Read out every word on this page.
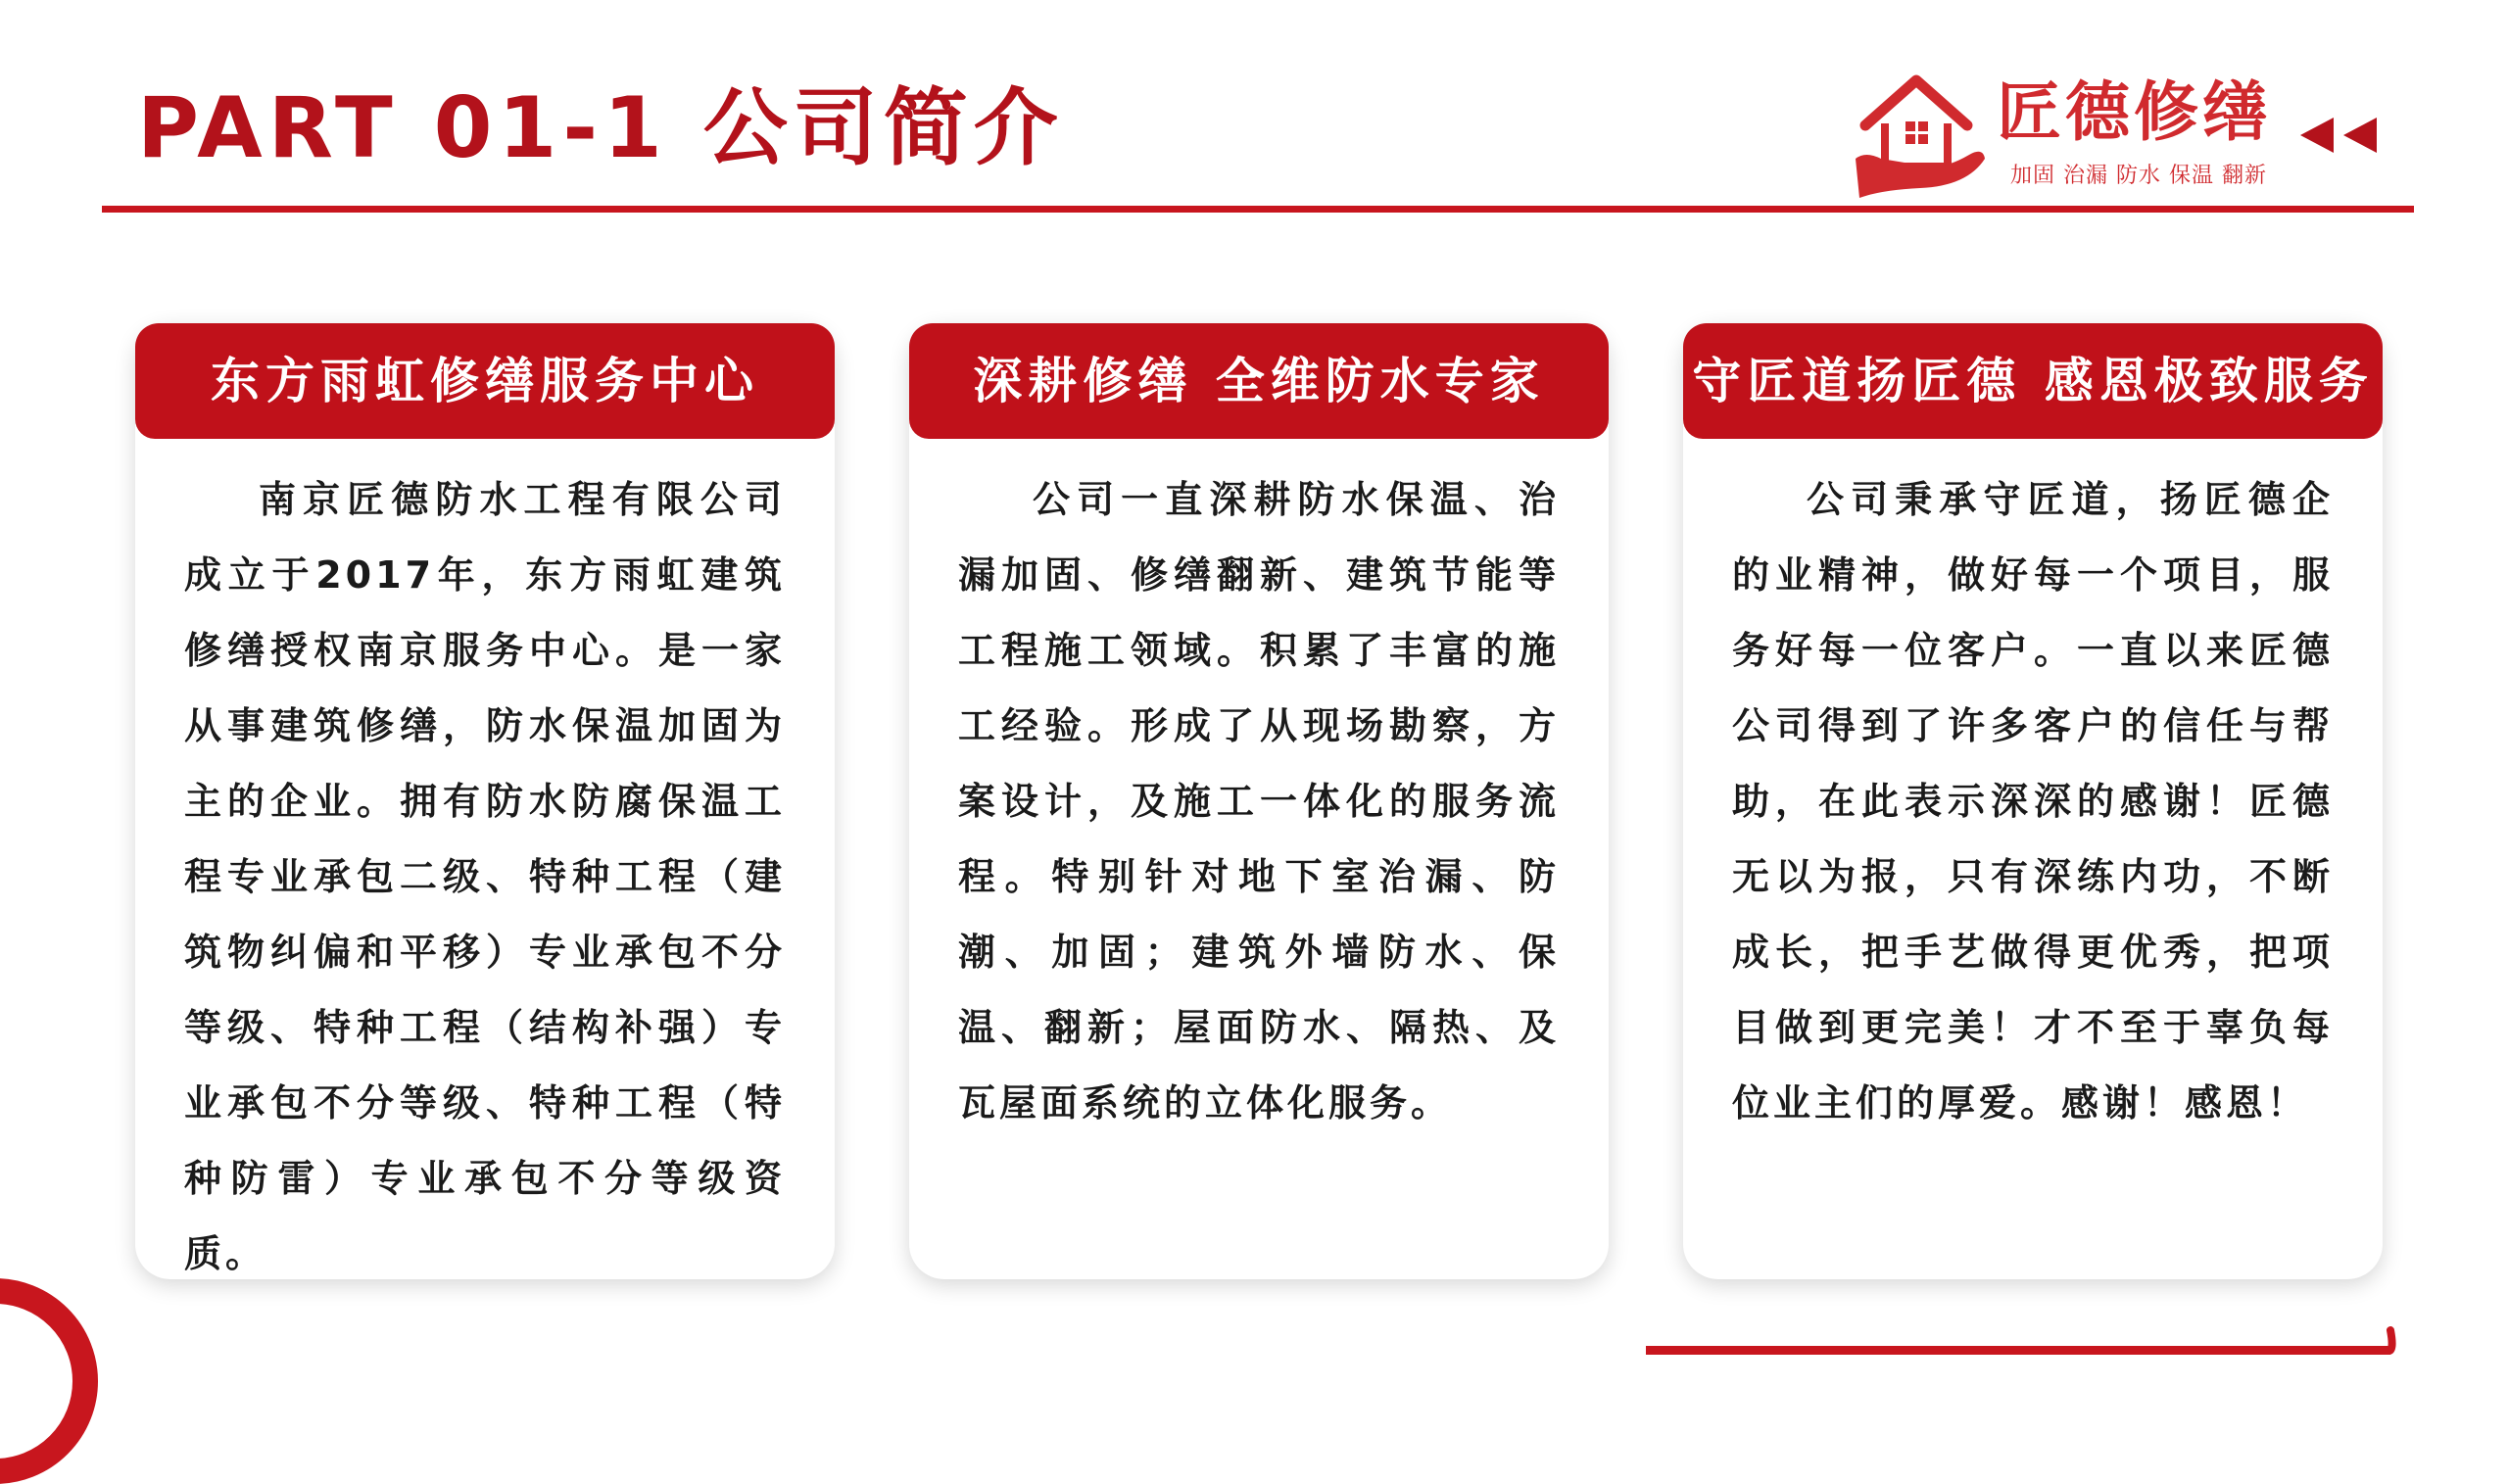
PART 01-1 公司简介	匠德修缮
加固 治漏 防水 保温 翻新
东方雨虹修缮服务中心
南京匠德防水工程有限公司成立于2017年，东方雨虹建筑修缮授权南京服务中心。是一家从事建筑修缮，防水保温加固为主的企业。拥有防水防腐保温工程专业承包二级、特种工程（建筑物纠偏和平移）专业承包不分等级、特种工程（结构补强）专业承包不分等级、特种工程（特种防雷）专业承包不分等级资质。
深耕修缮 全维防水专家
公司一直深耕防水保温、治漏加固、修缮翻新、建筑节能等工程施工领域。积累了丰富的施工经验。形成了从现场勘察，方案设计，及施工一体化的服务流程。特别针对地下室治漏、防潮、加固；建筑外墙防水、保温、翻新；屋面防水、隔热、及瓦屋面系统的立体化服务。
守匠道扬匠德 感恩极致服务
公司秉承守匠道，扬匠德企的业精神，做好每一个项目，服务好每一位客户。一直以来匠德公司得到了许多客户的信任与帮助，在此表示深深的感谢！匠德无以为报，只有深练内功，不断成长，把手艺做得更优秀，把项目做到更完美！才不至于辜负每位业主们的厚爱。感谢！感恩！
